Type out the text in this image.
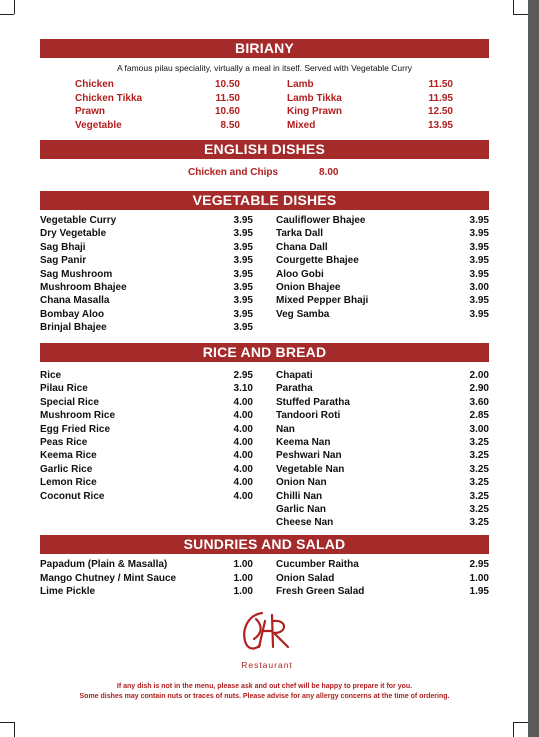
BIRIANY
A famous pilau speciality, virtually a meal in itself. Served with Vegetable Curry
Chicken	10.50
Chicken Tikka	11.50
Prawn	10.60
Vegetable	8.50
Lamb	11.50
Lamb Tikka	11.95
King Prawn	12.50
Mixed	13.95
ENGLISH DISHES
Chicken and Chips	8.00
VEGETABLE DISHES
Vegetable Curry	3.95
Dry Vegetable	3.95
Sag Bhaji	3.95
Sag Panir	3.95
Sag Mushroom	3.95
Mushroom Bhajee	3.95
Chana Masalla	3.95
Bombay Aloo	3.95
Brinjal Bhajee	3.95
Cauliflower Bhajee	3.95
Tarka Dall	3.95
Chana Dall	3.95
Courgette Bhajee	3.95
Aloo Gobi	3.95
Onion Bhajee	3.00
Mixed Pepper Bhaji	3.95
Veg Samba	3.95
RICE AND BREAD
Rice	2.95
Pilau Rice	3.10
Special Rice	4.00
Mushroom Rice	4.00
Egg Fried Rice	4.00
Peas Rice	4.00
Keema Rice	4.00
Garlic Rice	4.00
Lemon Rice	4.00
Coconut Rice	4.00
Chapati	2.00
Paratha	2.90
Stuffed Paratha	3.60
Tandoori Roti	2.85
Nan	3.00
Keema Nan	3.25
Peshwari Nan	3.25
Vegetable Nan	3.25
Onion Nan	3.25
Chilli Nan	3.25
Garlic Nan	3.25
Cheese Nan	3.25
SUNDRIES AND SALAD
Papadum (Plain & Masalla)	1.00
Mango Chutney / Mint Sauce	1.00
Lime Pickle	1.00
Cucumber Raitha	2.95
Onion Salad	1.00
Fresh Green Salad	1.95
Restaurant
If any dish is not in the menu, please ask and out chef will be happy to prepare it for you.
Some dishes may contain nuts or traces of nuts. Please advise for any allergy concerns at the time of ordering.
